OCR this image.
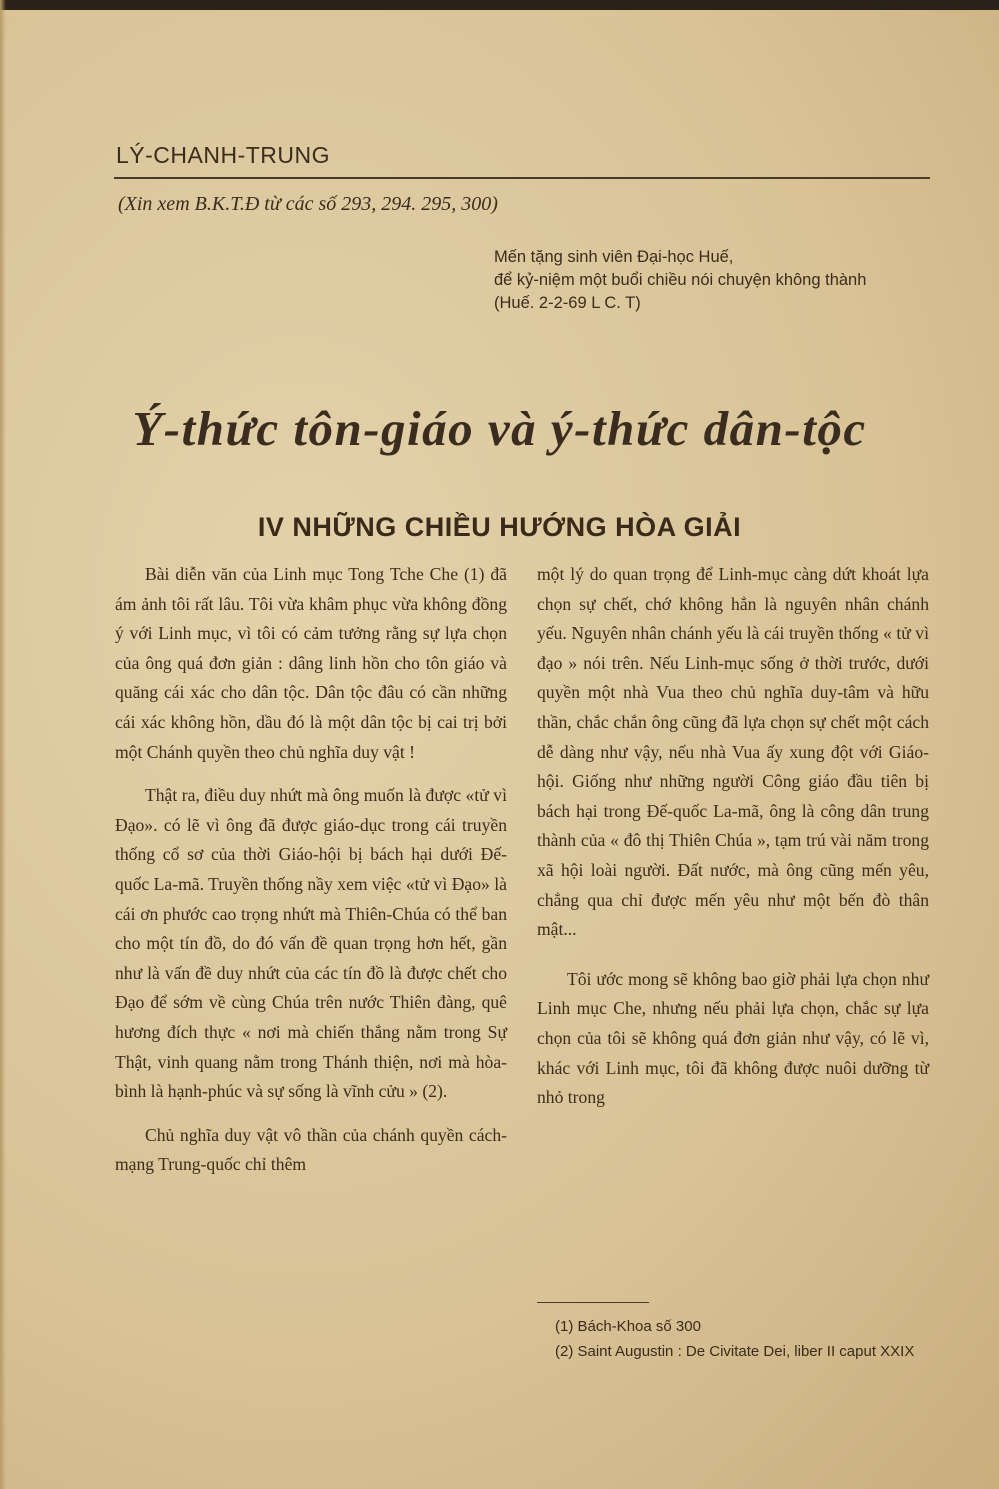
LÝ-CHANH-TRUNG
(Xin xem B.K.T.Đ từ các số 293, 294. 295, 300)
Mến tặng sinh viên Đại-học Huế,
để kỷ-niệm một buổi chiều nói chuyện không thành
(Huế. 2-2-69 L C. T)
Ý-thức tôn-giáo và ý-thức dân-tộc
IV NHỮNG CHIỀU HƯỚNG HÒA GIẢI

Bài diễn văn của Linh mục Tong Tche Che (1) đã ám ảnh tôi rất lâu. Tôi vừa khâm phục vừa không đồng ý với Linh mục, vì tôi có cảm tưởng rằng sự lựa chọn của ông quá đơn giản : dâng linh hồn cho tôn giáo và quăng cái xác cho dân tộc. Dân tộc đâu có cần những cái xác không hồn, dầu đó là một dân tộc bị cai trị bởi một Chánh quyền theo chủ nghĩa duy vật !

Thật ra, điều duy nhứt mà ông muốn là được «tử vì Đạo». có lẽ vì ông đã được giáo-dục trong cái truyền thống cổ sơ của thời Giáo-hội bị bách hại dưới Đế-quốc La-mã. Truyền thống nầy xem việc «tử vì Đạo» là cái ơn phước cao trọng nhứt mà Thiên-Chúa có thể ban cho một tín đồ, do đó vấn đề quan trọng hơn hết, gần như là vấn đề duy nhứt của các tín đồ là được chết cho Đạo để sớm về cùng Chúa trên nước Thiên đàng, quê hương đích thực « nơi mà chiến thắng nằm trong Sự Thật, vinh quang nằm trong Thánh thiện, nơi mà hòa-bình là hạnh-phúc và sự sống là vĩnh cửu » (2).

Chủ nghĩa duy vật vô thần của chánh quyền cách-mạng Trung-quốc chỉ thêm

một lý do quan trọng để Linh-mục càng dứt khoát lựa chọn sự chết, chớ không hẳn là nguyên nhân chánh yếu. Nguyên nhân chánh yếu là cái truyền thống « tử vì đạo » nói trên. Nếu Linh-mục sống ở thời trước, dưới quyền một nhà Vua theo chủ nghĩa duy-tâm và hữu thần, chắc chắn ông cũng đã lựa chọn sự chết một cách dễ dàng như vậy, nếu nhà Vua ấy xung đột với Giáo-hội. Giống như những người Công giáo đầu tiên bị bách hại trong Đế-quốc La-mã, ông là công dân trung thành của « đô thị Thiên Chúa », tạm trú vài năm trong xã hội loài người. Đất nước, mà ông cũng mến yêu, chẳng qua chỉ được mến yêu như một bến đò thân mật...

Tôi ước mong sẽ không bao giờ phải lựa chọn như Linh mục Che, nhưng nếu phải lựa chọn, chắc sự lựa chọn của tôi sẽ không quá đơn giản như vậy, có lẽ vì, khác với Linh mục, tôi đã không được nuôi dưỡng từ nhỏ trong

(1) Bách-Khoa số 300
(2) Saint Augustin : De Civitate Dei, liber II caput XXIX
